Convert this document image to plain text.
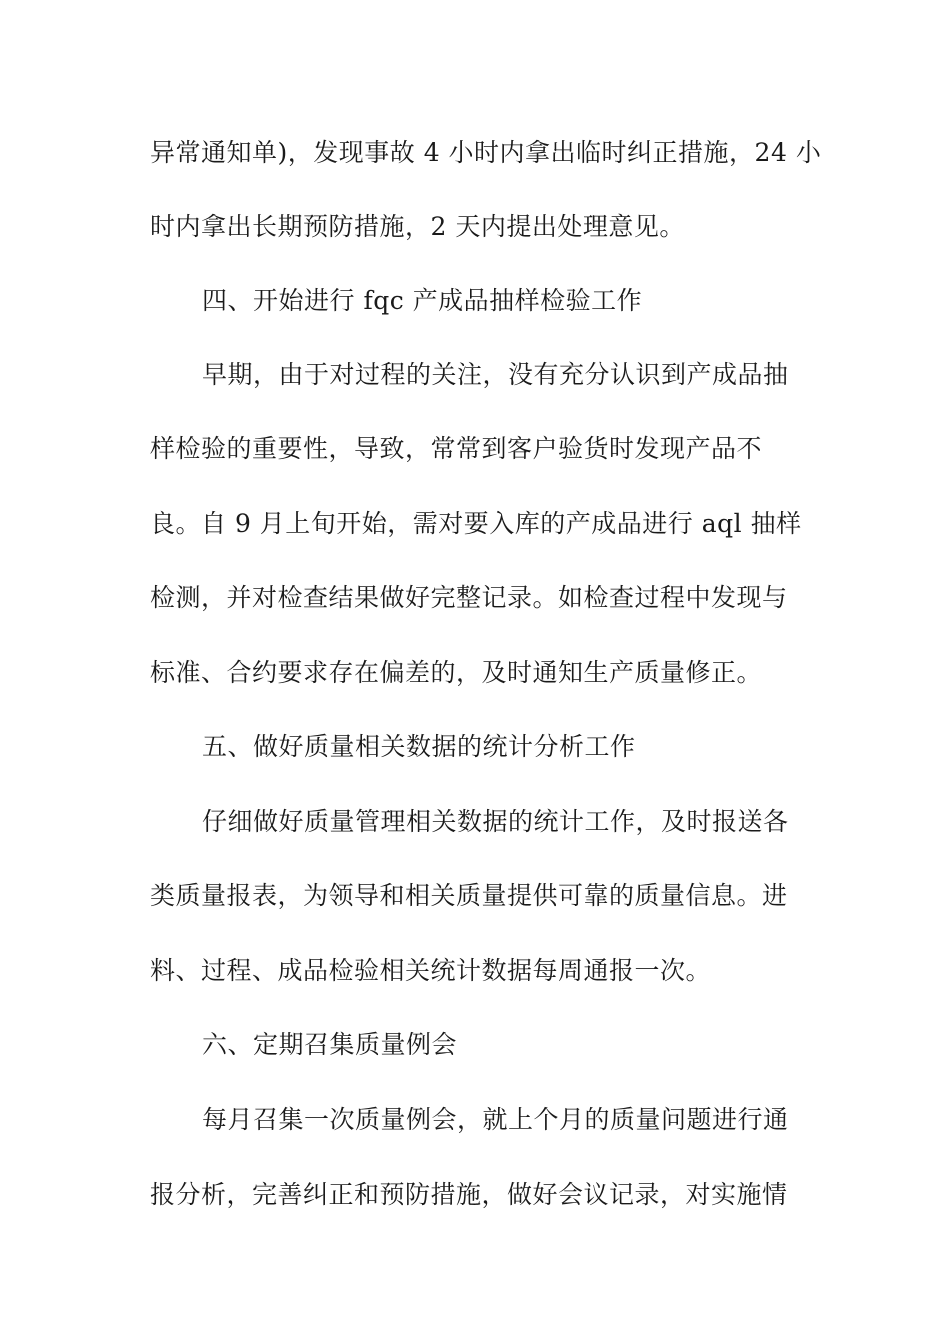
异常通知单)，发现事故 4 小时内拿出临时纠正措施，24 小
时内拿出长期预防措施，2 天内提出处理意见。
四、开始进行 fqc 产成品抽样检验工作
早期，由于对过程的关注，没有充分认识到产成品抽
样检验的重要性，导致，常常到客户验货时发现产品不
良。自 9 月上旬开始，需对要入库的产成品进行 aql 抽样
检测，并对检查结果做好完整记录。如检查过程中发现与
标准、合约要求存在偏差的，及时通知生产质量修正。
五、做好质量相关数据的统计分析工作
仔细做好质量管理相关数据的统计工作，及时报送各
类质量报表，为领导和相关质量提供可靠的质量信息。进
料、过程、成品检验相关统计数据每周通报一次。
六、定期召集质量例会
每月召集一次质量例会，就上个月的质量问题进行通
报分析，完善纠正和预防措施，做好会议记录，对实施情
